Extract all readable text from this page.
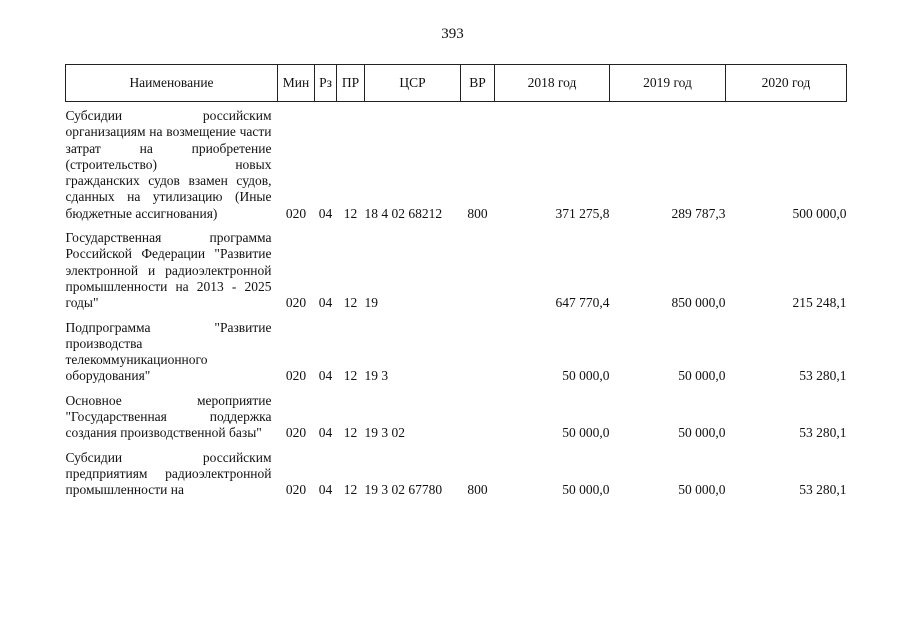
393
Наименование	Мин	Рз	ПР	ЦСР	ВР	2018 год	2019 год	2020 год
Субсидии российским организациям на возмещение части затрат на приобретение (строительство) новых гражданских судов взамен судов, сданных на утилизацию (Иные бюджетные ассигнования)	020	04	12	18 4 02 68212	800	371 275,8	289 787,3	500 000,0

Государственная программа Российской Федерации "Развитие электронной и радиоэлектронной промышленности на 2013 - 2025 годы"	020	04	12	19		647 770,4	850 000,0	215 248,1

Подпрограмма "Развитие производства телекоммуникационного оборудования"	020	04	12	19 3		50 000,0	50 000,0	53 280,1

Основное мероприятие "Государственная поддержка создания производственной базы"	020	04	12	19 3 02		50 000,0	50 000,0	53 280,1

Субсидии российским предприятиям радиоэлектронной промышленности на	020	04	12	19 3 02 67780	800	50 000,0	50 000,0	53 280,1
